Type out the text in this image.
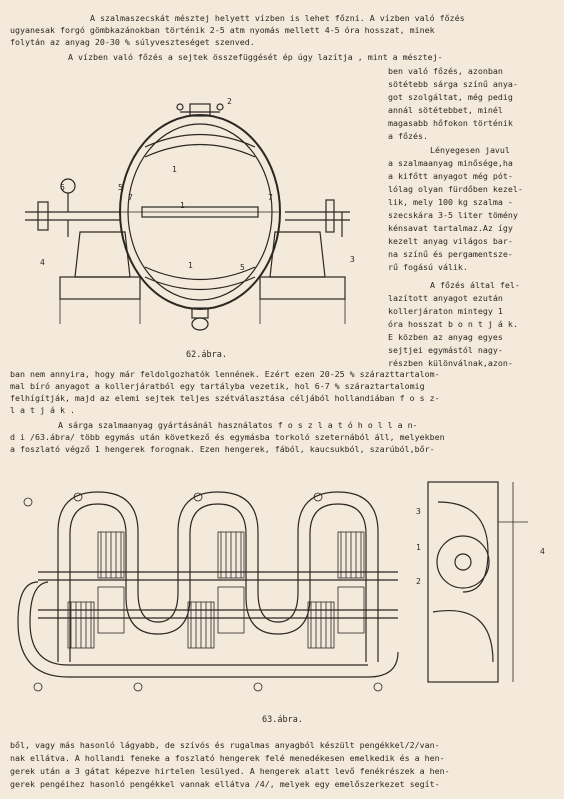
A szalmaszecskát mésztej helyett vízben is lehet főzni. A vízben való főzés
ugyanesak forgó gömbkazánokban történik 2-5 atm nyomás mellett 4-5 óra hosszat, minek
folytán az anyag 20-30 % súlyveszteséget szenved.
A vízben való főzés a sejtek összefüggését ép úgy lazítja , mint a mésztej-
ben való főzés, azonban
sötétebb sárga színű anya-
got szolgáltat, még pedig
annál sötétebbet, minél
magasabb hőfokon történik
a főzés.
Lényegesen javul
a szalmaanyag minősége,ha
a kifőtt anyagot még pót-
lólag olyan fürdőben kezel-
lik, mely 100 kg szalma -
szecskára 3-5 liter tömény
kénsavat tartalmaz.Az így
kezelt anyag világos bar-
na színű és pergamentsze-
rű fogású válik.
A főzés által fel-
lazított anyagot ezután
kollerjáraton mintegy 1
óra hosszat b o n t j á k.
E közben az anyag egyes
sejtjei egymástól nagy-
részben különválnak,azon-
2
6	5
7
1
1
1
7
4
5
3
62.ábra.
ban nem annyira, hogy már feldolgozhatók lennének. Ezért ezen 20-25 % szárazttartalom-
mal bíró anyagot a kollerjáratból egy tartályba vezetik, hol 6-7 % száraztartalomig
felhígítják, majd az elemi sejtek teljes szétválasztása céljából hollandiában f o s z-
l a t j á k .
A sárga szalmaanyag gyártásánál használatos f o s z l a t ó h o l l a n-
d i /63.ábra/ több egymás után következő és egymásba torkoló szeternából áll, melyekben
a foszlató végző 1 hengerek forognak. Ezen hengerek, fából, kaucsukból, szarúból,bőr-
3
1
2
4
63.ábra.
ből, vagy más hasonló lágyabb, de szívós és rugalmas anyagból készült pengékkel/2/van-
nak ellátva. A hollandi feneke a foszlató hengerek felé menedékesen emelkedik és a hen-
gerek után a 3 gátat képezve hirtelen lesülyed. A hengerek alatt levő fenékrészek a hen-
gerek pengéihez hasonló pengékkel vannak ellátva /4/, melyek egy emelőszerkezet segít-
